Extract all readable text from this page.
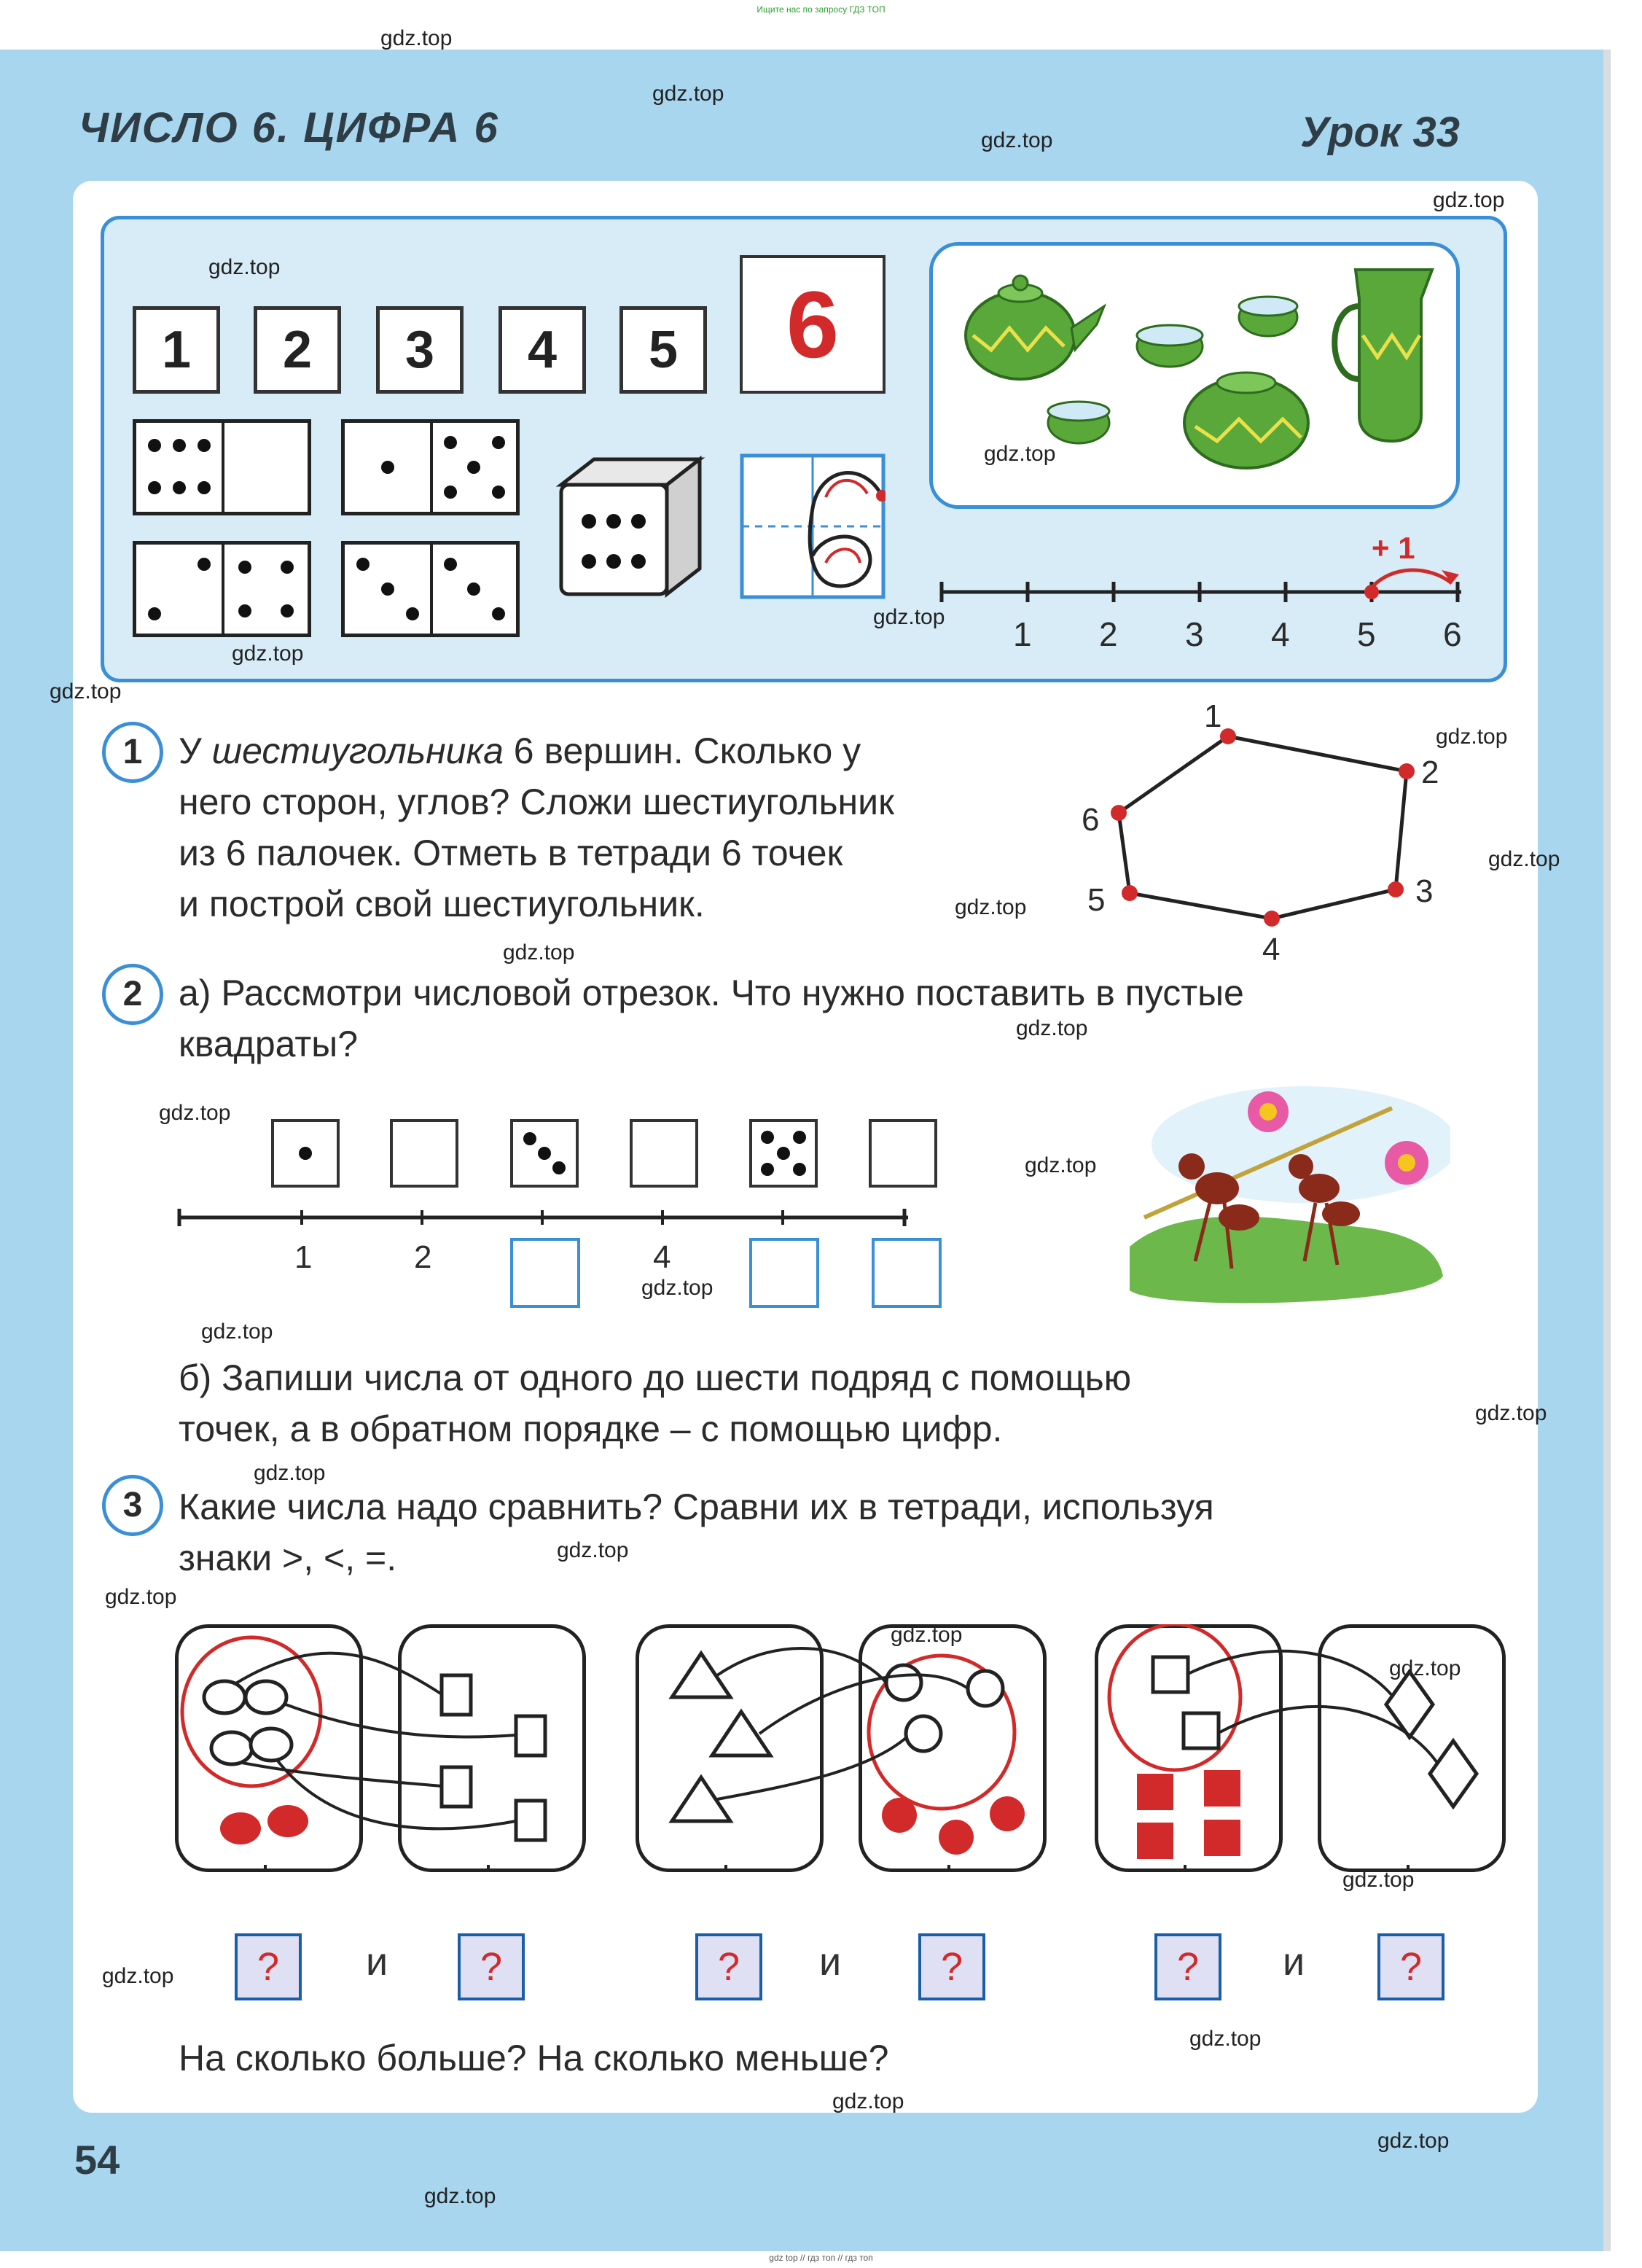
Ищите нас по запросу ГДЗ ТОП
ЧИСЛО 6. ЦИФРА 6	Урок 33
1	2	3	4	5	6
+ 1
1 2 3 4 5 6
1 У шестиугольника 6 вершин. Сколько у
него сторон, углов? Сложи шестиугольник
из 6 палочек. Отметь в тетради 6 точек
и построй свой шестиугольник.
1
2
3
4
5
6
2 а) Рассмотри числовой отрезок. Что нужно поставить в пустые
квадраты?
1	2	4
б) Запиши числа от одного до шести подряд с помощью
точек, а в обратном порядке – с помощью цифр.
3 Какие числа надо сравнить? Сравни их в тетради, используя
знаки >, <, =.
?	и	?	?	и	?	?	и	?
На сколько больше? На сколько меньше?
54
gdz.top
gdz.top
gdz.top
gdz.top
gdz.top
gdz.top
gdz.top
gdz.top
gdz.top
gdz.top
gdz.top
gdz.top
gdz.top
gdz.top
gdz.top
gdz.top
gdz.top
gdz.top
gdz.top
gdz.top
gdz.top
gdz.top
gdz.top
gdz.top
gdz.top
gdz.top
gdz.top
gdz.top
gdz.top
gdz.top
gdz top // гдз топ // гдз топ
